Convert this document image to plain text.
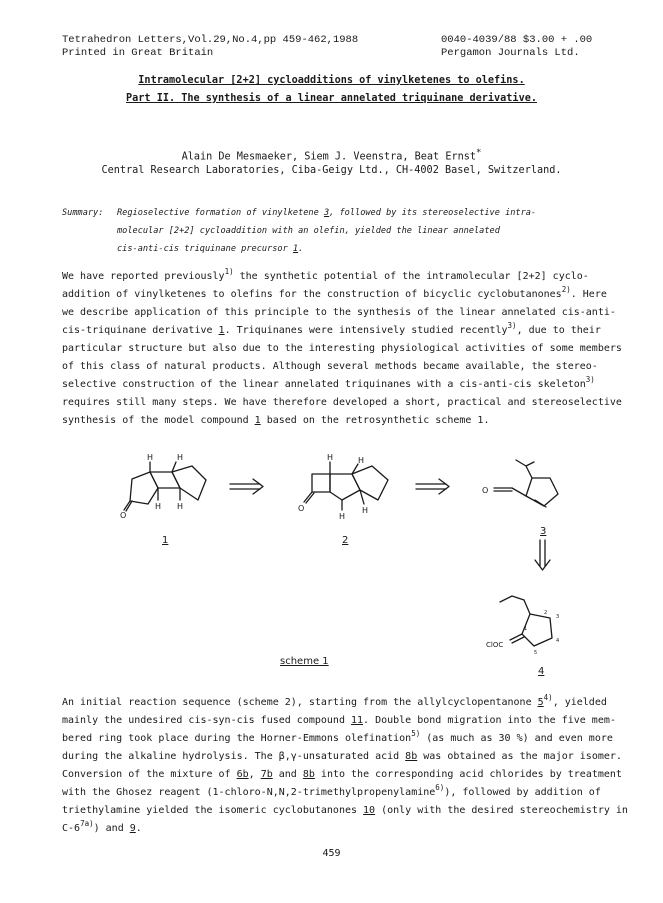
Tetrahedron Letters,Vol.29,No.4,pp 459-462,1988
Printed in Great Britain
0040-4039/88 $3.00 + .00
Pergamon Journals Ltd.
Intramolecular [2+2] cycloadditions of vinylketenes to olefins.
Part II. The synthesis of a linear annelated triquinane derivative.
Alain De Mesmaeker, Siem J. Veenstra, Beat Ernst*
Central Research Laboratories, Ciba-Geigy Ltd., CH-4002 Basel, Switzerland.
Summary: Regioselective formation of vinylketene 3, followed by its stereoselective intra-
molecular [2+2] cycloaddition with an olefin, yielded the linear annelated
cis-anti-cis triquinane precursor 1.
We have reported previously$^{1)}$ the synthetic potential of the intramolecular [2+2] cyclo-
addition of vinylketenes to olefins for the construction of bicyclic cyclobutanones$^{2)}$. Here
we describe application of this principle to the synthesis of the linear annelated cis-anti-
cis-triquinane derivative 1. Triquinanes were intensively studied recently$^{3)}$, due to their
particular structure but also due to the interesting physiological activities of some members
of this class of natural products. Although several methods became available, the stereo-
selective construction of the linear annelated triquinanes with a cis-anti-cis skeleton$^{3)}$
requires still many steps. We have therefore developed a short, practical and stereoselective
synthesis of the model compound 1 based on the retrosynthetic scheme 1.
H	H
H H
O
H	H
H
H
O
O
ClOC
1
2
3
4
5
1	2
3
4
scheme 1
An initial reaction sequence (scheme 2), starting from the allylcyclopentanone 5$^{4)}$, yielded
mainly the undesired cis-syn-cis fused compound 11. Double bond migration into the five mem-
bered ring took place during the Horner-Emmons olefination$^{5)}$ (as much as 30 %) and even more
during the alkaline hydrolysis. The β,γ-unsaturated acid 8b was obtained as the major isomer.
Conversion of the mixture of 6b, 7b and 8b into the corresponding acid chlorides by treatment
with the Ghosez reagent (1-chloro-N,N,2-trimethylpropenylamine$^{6)}$), followed by addition of
triethylamine yielded the isomeric cyclobutanones 10 (only with the desired stereochemistry in
$C-6^{7a)}$) and 9.
459
